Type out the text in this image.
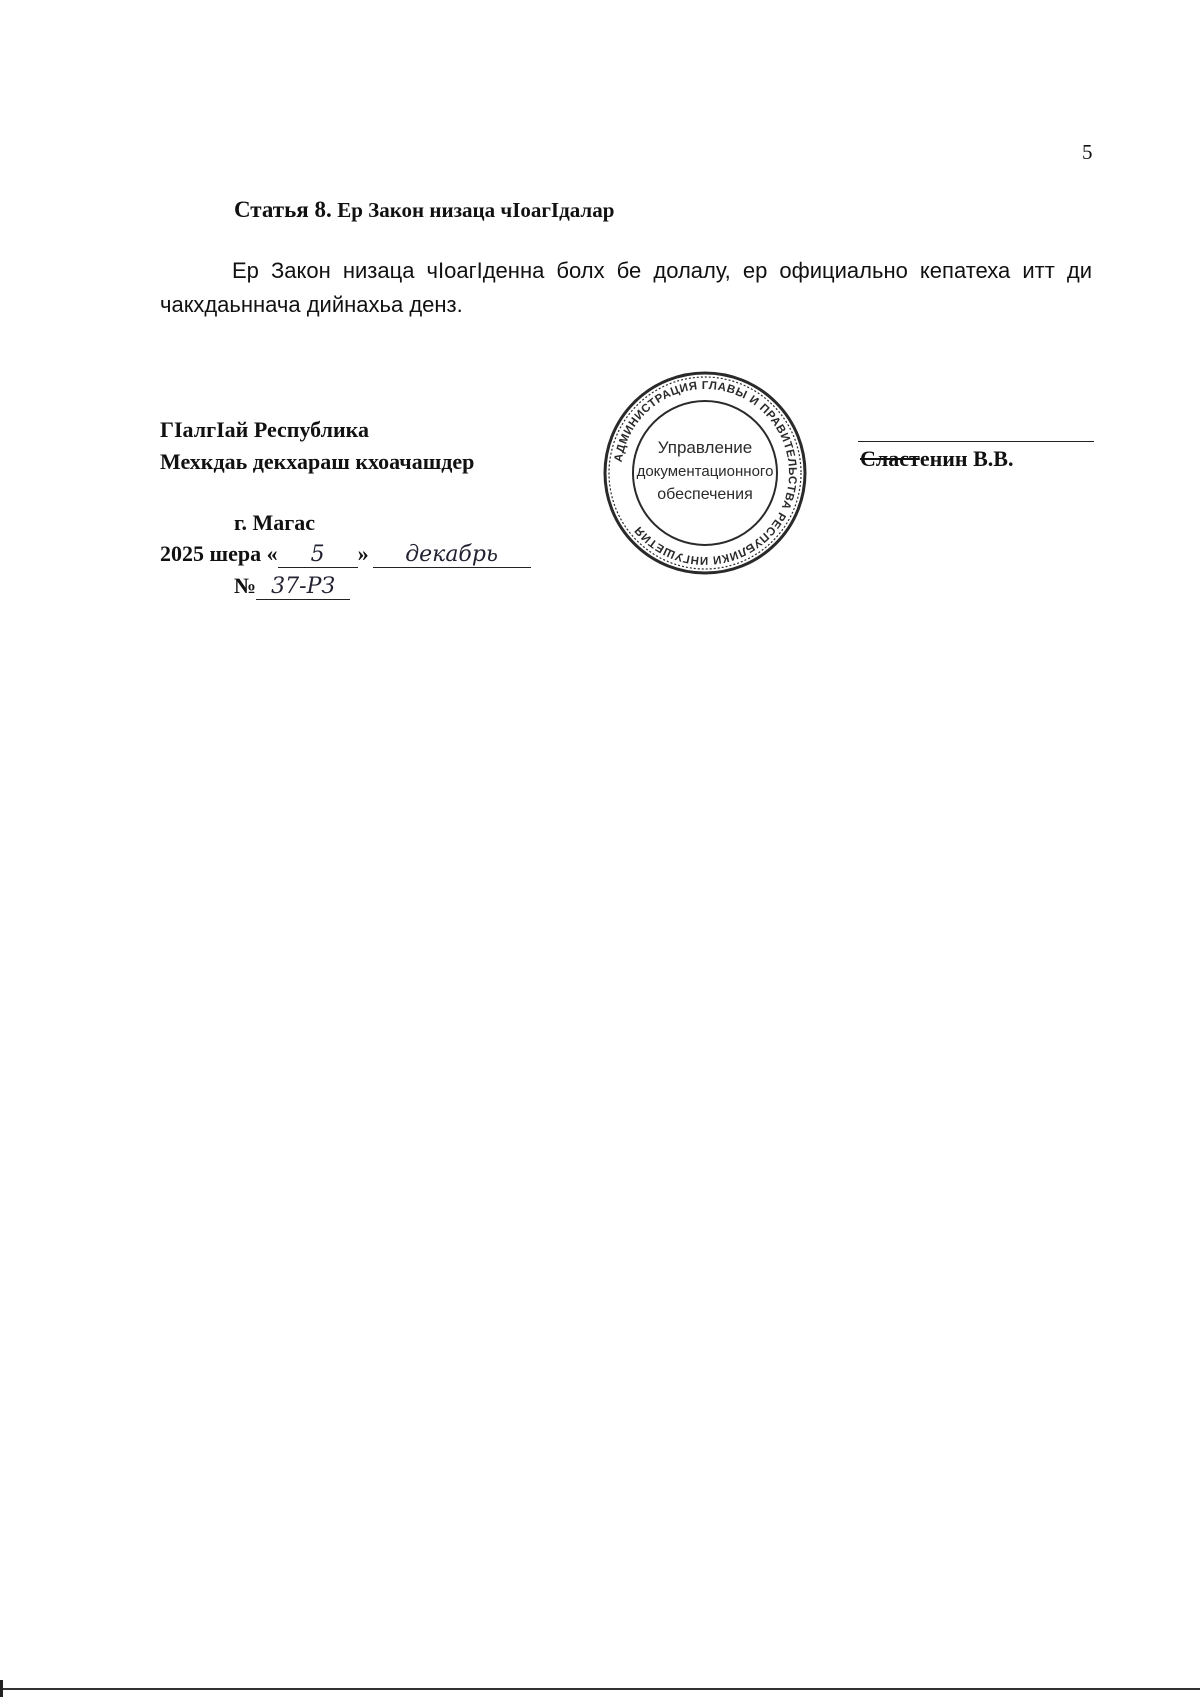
5
Статья 8. Ер Закон низаца чIоагIдалар
Ер Закон низаца чIоагIденна болх бе долалу, ер официально кепатеха итт ди чакхдаьннача дийнахьа денз.
ГIалгIай Республика
Мехкдаь декхараш кхоачашдер	АДМИНИСТРАЦИЯ ГЛАВЫ И ПРАВИТЕЛЬСТВА РЕСПУБЛИКИ ИНГУШЕТИЯ
Управление
документационного
обеспечения
Сластенин В.В.
г. Магас
2025 шера « 5 » декабрь
№ 37-РЗ
